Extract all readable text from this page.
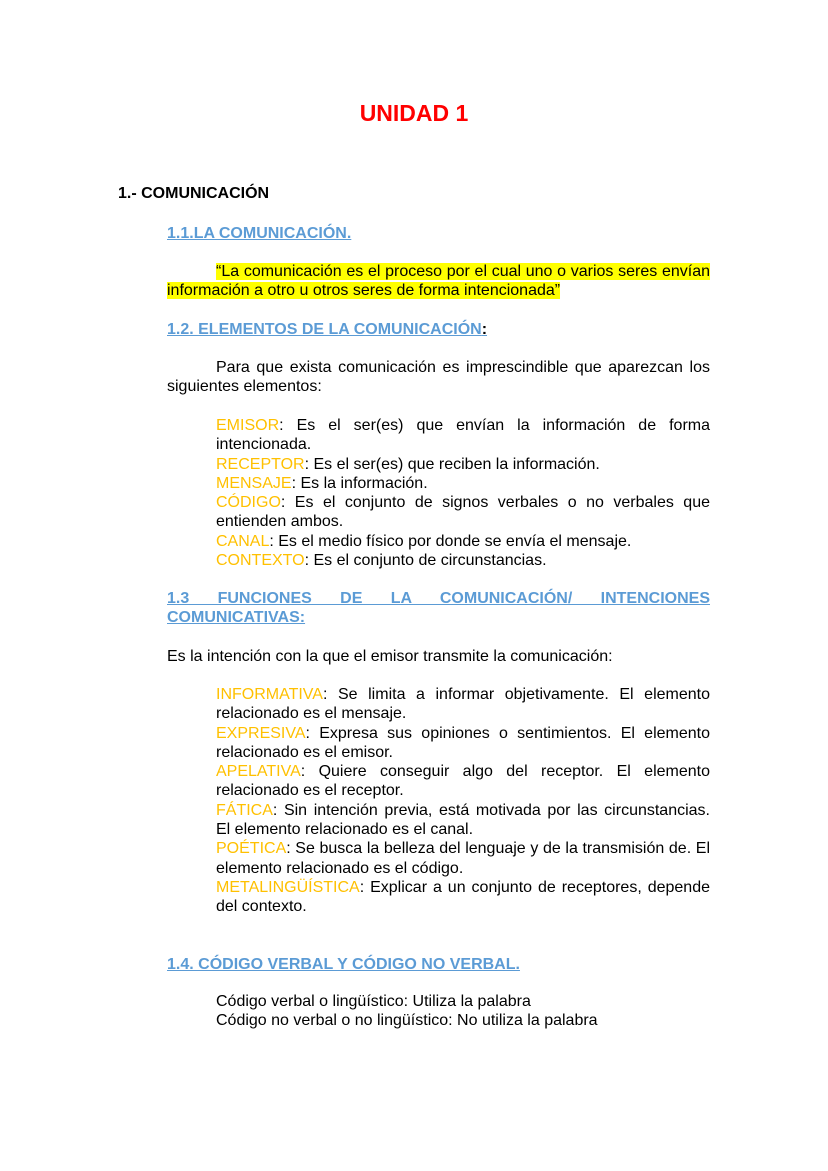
UNIDAD 1
1.- COMUNICACIÓN
1.1.LA COMUNICACIÓN.
“La comunicación es el proceso por el cual uno o varios seres envían información a otro u otros seres de forma intencionada”
1.2. ELEMENTOS DE LA COMUNICACIÓN:
Para que exista comunicación es imprescindible que aparezcan los siguientes elementos:
EMISOR: Es el ser(es) que envían la información de forma intencionada.
RECEPTOR: Es el ser(es) que reciben la información.
MENSAJE: Es la información.
CÓDIGO: Es el conjunto de signos verbales o no verbales que entienden ambos.
CANAL: Es el medio físico por donde se envía el mensaje.
CONTEXTO: Es el conjunto de circunstancias.
1.3 FUNCIONES DE LA COMUNICACIÓN/ INTENCIONES COMUNICATIVAS:
Es la intención con la que el emisor transmite la comunicación:
INFORMATIVA: Se limita a informar objetivamente. El elemento relacionado es el mensaje.
EXPRESIVA: Expresa sus opiniones o sentimientos. El elemento relacionado es el emisor.
APELATIVA: Quiere conseguir algo del receptor. El elemento relacionado es el receptor.
FÁTICA: Sin intención previa, está motivada por las circunstancias. El elemento relacionado es el canal.
POÉTICA: Se busca la belleza del lenguaje y de la transmisión de. El elemento relacionado es el código.
METALINGÜÍSTICA: Explicar a un conjunto de receptores, depende del contexto.
1.4. CÓDIGO VERBAL Y CÓDIGO NO VERBAL.
Código verbal o lingüístico: Utiliza la palabra
Código no verbal o no lingüístico: No utiliza la palabra
